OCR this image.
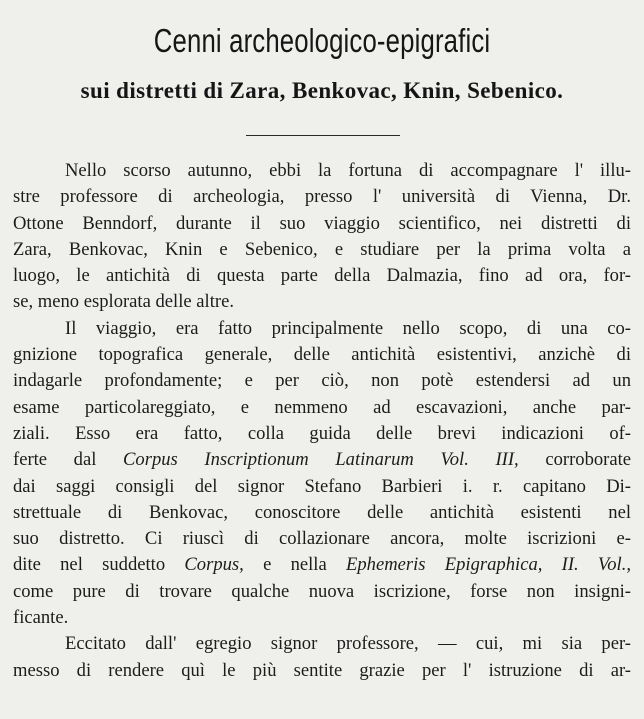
Cenni archeologico-epigrafici
sui distretti di Zara, Benkovac, Knin, Sebenico.
Nello scorso autunno, ebbi la fortuna di accompagnare l' illu-
stre professore di archeologia, presso l' università di Vienna, Dr.
Ottone Benndorf, durante il suo viaggio scientifico, nei distretti di
Zara, Benkovac, Knin e Sebenico, e studiare per la prima volta a
luogo, le antichità di questa parte della Dalmazia, fino ad ora, for-
se, meno esplorata delle altre.
Il viaggio, era fatto principalmente nello scopo, di una co-
gnizione topografica generale, delle antichità esistentivi, anzichè di
indagarle profondamente; e per ciò, non potè estendersi ad un
esame particolareggiato, e nemmeno ad escavazioni, anche par-
ziali. Esso era fatto, colla guida delle brevi indicazioni of-
ferte dal Corpus Inscriptionum Latinarum Vol. III, corroborate
dai saggi consigli del signor Stefano Barbieri i. r. capitano Di-
strettuale di Benkovac, conoscitore delle antichità esistenti nel
suo distretto. Ci riuscì di collazionare ancora, molte iscrizioni e-
dite nel suddetto Corpus, e nella Ephemeris Epigraphica, II. Vol.,
come pure di trovare qualche nuova iscrizione, forse non insigni-
ficante.
Eccitato dall' egregio signor professore, — cui, mi sia per-
messo di rendere quì le più sentite grazie per l' istruzione di ar-
